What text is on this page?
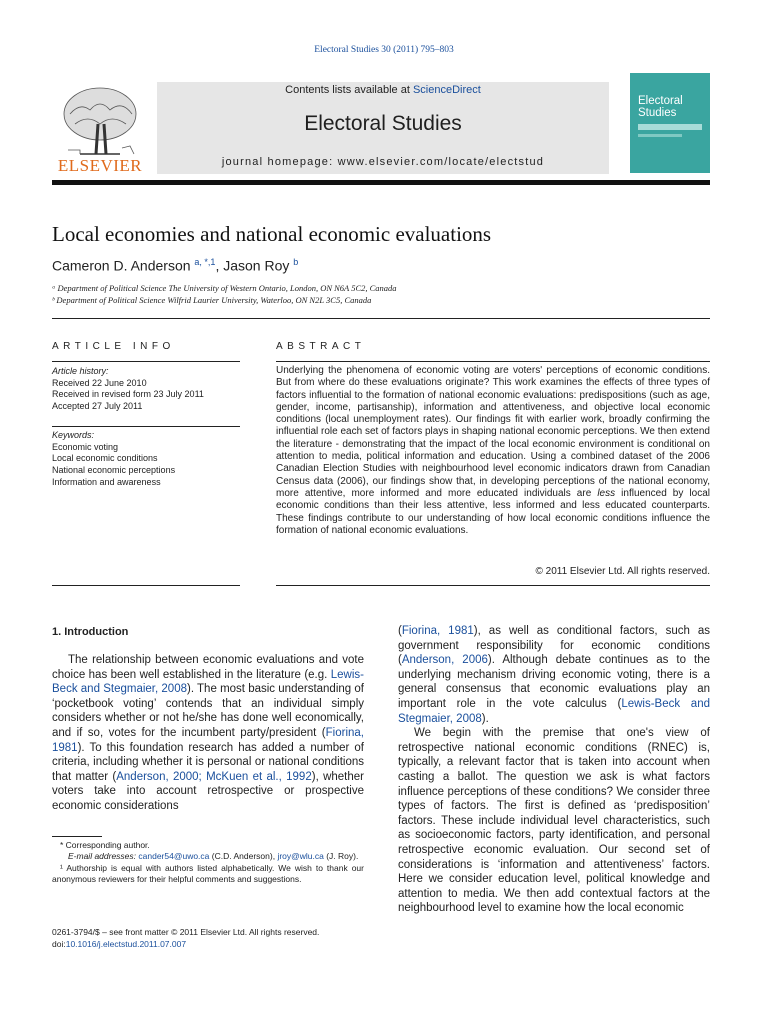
Electoral Studies 30 (2011) 795–803
ELSEVIER
Contents lists available at ScienceDirect
Electoral Studies
journal homepage: www.elsevier.com/locate/electstud
Electoral Studies
Local economies and national economic evaluations
Cameron D. Anderson $^{a, *,1}$, Jason Roy $^b$
ᵃ Department of Political Science The University of Western Ontario, London, ON N6A 5C2, Canada
ᵇ Department of Political Science Wilfrid Laurier University, Waterloo, ON N2L 3C5, Canada
ARTICLE INFO
Article history:
Received 22 June 2010
Received in revised form 23 July 2011
Accepted 27 July 2011
Keywords:
Economic voting
Local economic conditions
National economic perceptions
Information and awareness
ABSTRACT
Underlying the phenomena of economic voting are voters' perceptions of economic conditions. But from where do these evaluations originate? This work examines the effects of three types of factors influential to the formation of national economic evaluations: predispositions (such as age, gender, income, partisanship), information and attentiveness, and objective local economic conditions (local unemployment rates). Our findings fit with earlier work, broadly confirming the influential role each set of factors plays in shaping national economic perceptions. We then extend the literature - demonstrating that the impact of the local economic environment is conditional on attention to media, political information and education. Using a combined dataset of the 2006 Canadian Election Studies with neighbourhood level economic indicators drawn from Canadian Census data (2006), our findings show that, in developing perceptions of the national economy, more attentive, more informed and more educated individuals are less influenced by local economic conditions than their less attentive, less informed and less educated counterparts. These findings contribute to our understanding of how local economic conditions influence the formation of national economic evaluations.
© 2011 Elsevier Ltd. All rights reserved.
1. Introduction

The relationship between economic evaluations and vote choice has been well established in the literature (e.g. Lewis-Beck and Stegmaier, 2008). The most basic understanding of ‘pocketbook voting’ contends that an individual simply considers whether or not he/she has done well economically, and if so, votes for the incumbent party/president (Fiorina, 1981). To this foundation research has added a number of criteria, including whether it is personal or national conditions that matter (Anderson, 2000; McKuen et al., 1992), whether voters take into account retrospective or prospective economic considerations

(Fiorina, 1981), as well as conditional factors, such as government responsibility for economic conditions (Anderson, 2006). Although debate continues as to the underlying mechanism driving economic voting, there is a general consensus that economic evaluations play an important role in the vote calculus (Lewis-Beck and Stegmaier, 2008).

We begin with the premise that one's view of retrospective national economic conditions (RNEC) is, typically, a relevant factor that is taken into account when casting a ballot. The question we ask is what factors influence perceptions of these conditions? We consider three types of factors. The first is defined as ‘predisposition’ factors. These include individual level characteristics, such as socioeconomic factors, party identification, and personal retrospective economic evaluation. Our second set of considerations is ‘information and attentiveness’ factors. Here we consider education level, political knowledge and attention to media. We then add contextual factors at the neighbourhood level to examine how the local economic

* Corresponding author.
E-mail addresses: cander54@uwo.ca (C.D. Anderson), jroy@wlu.ca (J. Roy).
¹ Authorship is equal with authors listed alphabetically. We wish to thank our anonymous reviewers for their helpful comments and suggestions.
0261-3794/$ – see front matter © 2011 Elsevier Ltd. All rights reserved.
doi:10.1016/j.electstud.2011.07.007
